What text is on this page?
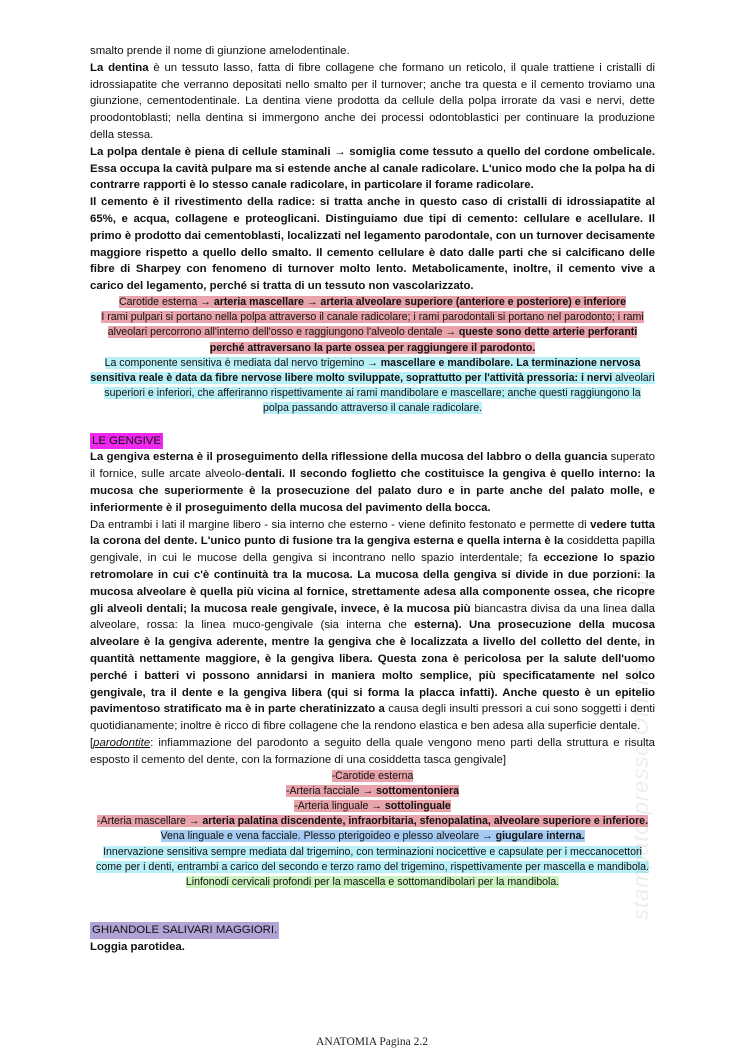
smalto prende il nome di giunzione amelodentinale.

La dentina è un tessuto lasso, fatta di fibre collagene che formano un reticolo, il quale trattiene i cristalli di idrossiapatite che verranno depositati nello smalto per il turnover; anche tra questa e il cemento troviamo una giunzione, cementodentinale. La dentina viene prodotta da cellule della polpa irrorate da vasi e nervi, dette proodontoblasti; nella dentina si immergono anche dei processi odontoblastici per continuare la produzione della stessa.

La polpa dentale è piena di cellule staminali → somiglia come tessuto a quello del cordone ombelicale. Essa occupa la cavità pulpare ma si estende anche al canale radicolare. L'unico modo che la polpa ha di contrarre rapporti è lo stesso canale radicolare, in particolare il forame radicolare.

Il cemento è il rivestimento della radice: si tratta anche in questo caso di cristalli di idrossiapatite al 65%, e acqua, collagene e proteoglicani. Distinguiamo due tipi di cemento: cellulare e acellulare. Il primo è prodotto dai cementoblasti, localizzati nel legamento parodontale, con un turnover decisamente maggiore rispetto a quello dello smalto. Il cemento cellulare è dato dalle parti che si calcificano delle fibre di Sharpey con fenomeno di turnover molto lento. Metabolicamente, inoltre, il cemento vive a carico del legamento, perché si tratta di un tessuto non vascolarizzato.

Carotide esterna → arteria mascellare → arteria alveolare superiore (anteriore e posteriore) e inferiore
I rami pulpari si portano nella polpa attraverso il canale radicolare; i rami parodontali si portano nel parodonto; i rami alveolari percorrono all'interno dell'osso e raggiungono l'alveolo dentale → queste sono dette arterie perforanti perché attraversano la parte ossea per raggiungere il parodonto.
La componente sensitiva è mediata dal nervo trigemino → mascellare e mandibolare. La terminazione nervosa sensitiva reale è data da fibre nervose libere molto sviluppate, soprattutto per l'attività pressoria: i nervi alveolari superiori e inferiori, che afferiranno rispettivamente ai rami mandibolare e mascellare; anche questi raggiungono la polpa passando attraverso il canale radicolare.
LE GENGIVE

La gengiva esterna è il proseguimento della riflessione della mucosa del labbro o della guancia superato il fornice, sulle arcate alveolo-dentali. Il secondo foglietto che costituisce la gengiva è quello interno: la mucosa che superiormente è la prosecuzione del palato duro e in parte anche del palato molle, e inferiormente è il proseguimento della mucosa del pavimento della bocca.

Da entrambi i lati il margine libero - sia interno che esterno - viene definito festonato e permette di vedere tutta la corona del dente. L'unico punto di fusione tra la gengiva esterna e quella interna è la cosiddetta papilla gengivale, in cui le mucose della gengiva si incontrano nello spazio interdentale; fa eccezione lo spazio retromolare in cui c'è continuità tra la mucosa. La mucosa della gengiva si divide in due porzioni: la mucosa alveolare è quella più vicina al fornice, strettamente adesa alla componente ossea, che ricopre gli alveoli dentali; la mucosa reale gengivale, invece, è la mucosa più biancastra divisa da una linea dalla alveolare, rossa: la linea muco-gengivale (sia interna che esterna). Una prosecuzione della mucosa alveolare è la gengiva aderente, mentre la gengiva che è localizzata a livello del colletto del dente, in quantità nettamente maggiore, è la gengiva libera. Questa zona è pericolosa per la salute dell'uomo perché i batteri vi possono annidarsi in maniera molto semplice, più specificatamente nel solco gengivale, tra il dente e la gengiva libera (qui si forma la placca infatti). Anche questo è un epitelio pavimentoso stratificato ma è in parte cheratinizzato a causa degli insulti pressori a cui sono soggetti i denti quotidianamente; inoltre è ricco di fibre collagene che la rendono elastica e ben adesa alla superficie dentale.

[parodontite: infiammazione del parodonto a seguito della quale vengono meno parti della struttura e risulta esposto il cemento del dente, con la formazione di una cosiddetta tasca gengivale]

-Carotide esterna
-Arteria facciale → sottomentoniera
-Arteria linguale → sottolinguale
-Arteria mascellare → arteria palatina discendente, infraorbitaria, sfenopalatina, alveolare superiore e inferiore.
Vena linguale e vena facciale. Plesso pterigoideo e plesso alveolare → giugulare interna.
Innervazione sensitiva sempre mediata dal trigemino, con terminazioni nocicettive e capsulate per i meccanocettori come per i denti, entrambi a carico del secondo e terzo ramo del trigemino, rispettivamente per mascella e mandibola.
Linfonodi cervicali profondi per la mascella e sottomandibolari per la mandibola.
GHIANDOLE SALIVARI MAGGIORI.
Loggia parotidea.
stampato presso Officina Sviluppo
ANATOMIA Pagina 2.2
